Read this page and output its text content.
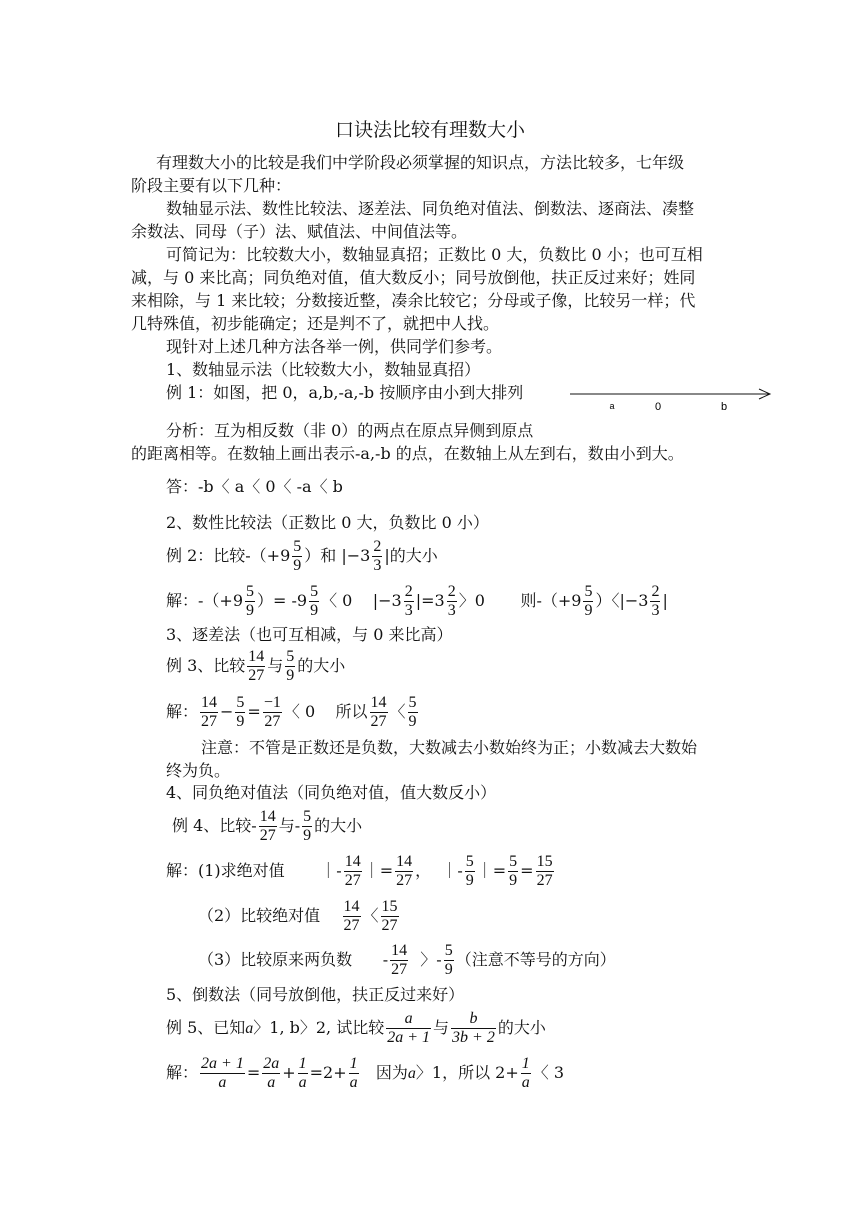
口诀法比较有理数大小
有理数大小的比较是我们中学阶段必须掌握的知识点，方法比较多，七年级
阶段主要有以下几种：
数轴显示法、数性比较法、逐差法、同负绝对值法、倒数法、逐商法、凑整
余数法、同母（子）法、赋值法、中间值法等。
可简记为：比较数大小，数轴显真招；正数比 0 大，负数比 0 小；也可互相
减，与 0 来比高；同负绝对值，值大数反小；同号放倒他，扶正反过来好；姓同
来相除，与 1 来比较；分数接近整，凑余比较它；分母或子像，比较另一样；代
几特殊值，初步能确定；还是判不了，就把中人找。
现针对上述几种方法各举一例，供同学们参考。
1、数轴显示法（比较数大小，数轴显真招）
例 1：如图，把 0，a,b,-a,-b 按顺序由小到大排列
a	0	b
分析：互为相反数（非 0）的两点在原点异侧到原点
的距离相等。在数轴上画出表示-a,-b 的点，在数轴上从左到右，数由小到大。
答：-b〈 a〈 0〈 -a〈 b
2、数性比较法（正数比 0 大，负数比 0 小）
例 2：比较$-(+9 \frac{5}{9}$ ）和 $|-3 \frac{2}{3}$ |的大小
解：$-(+9 \frac{5}{9}$ ）= $-9 \frac{5}{9}$ 〈 0 $|-3 \frac{2}{3} |=3 \frac{2}{3}$ 〉0 则$-(+9 \frac{5}{9}$ ）〈$|-3 \frac{2}{3}$ |
3、逐差法（也可互相减，与 0 来比高）
例 3、比较 $\frac{14}{27}$ 与 $\frac{5}{9}$ 的大小
解： $\frac{14}{27} - \frac{5}{9} = \frac{-1}{27}$ 〈 0 所以 $\frac{14}{27}$ 〈 $\frac{5}{9}$
注意：不管是正数还是负数，大数减去小数始终为正；小数减去大数始
终为负。
4、同负绝对值法（同负绝对值，值大数反小）
例 4、比较- $\frac{14}{27}$ 与- $\frac{5}{9}$ 的大小
解：(1)求绝对值 ｜- $\frac{14}{27}$ ｜= $\frac{14}{27}$ ， ｜- $\frac{5}{9}$ ｜= $\frac{5}{9} = \frac{15}{27}$
（2）比较绝对值 $\frac{14}{27}$ 〈 $\frac{15}{27}$
（3）比较原来两负数 - $\frac{14}{27}$ 〉- $\frac{5}{9}$ （注意不等号的方向）
5、倒数法（同号放倒他，扶正反过来好）
例 5、已知a〉1, b〉2, 试比较 $\frac{a}{2a + 1}$ 与 $\frac{b}{3b + 2}$ 的大小
解： $\frac{2a + 1}{a} = \frac{2a}{a} + \frac{1}{a} =2+ \frac{1}{a}$ 因为a〉1，所以 $2+ \frac{1}{a}$ 〈 3
